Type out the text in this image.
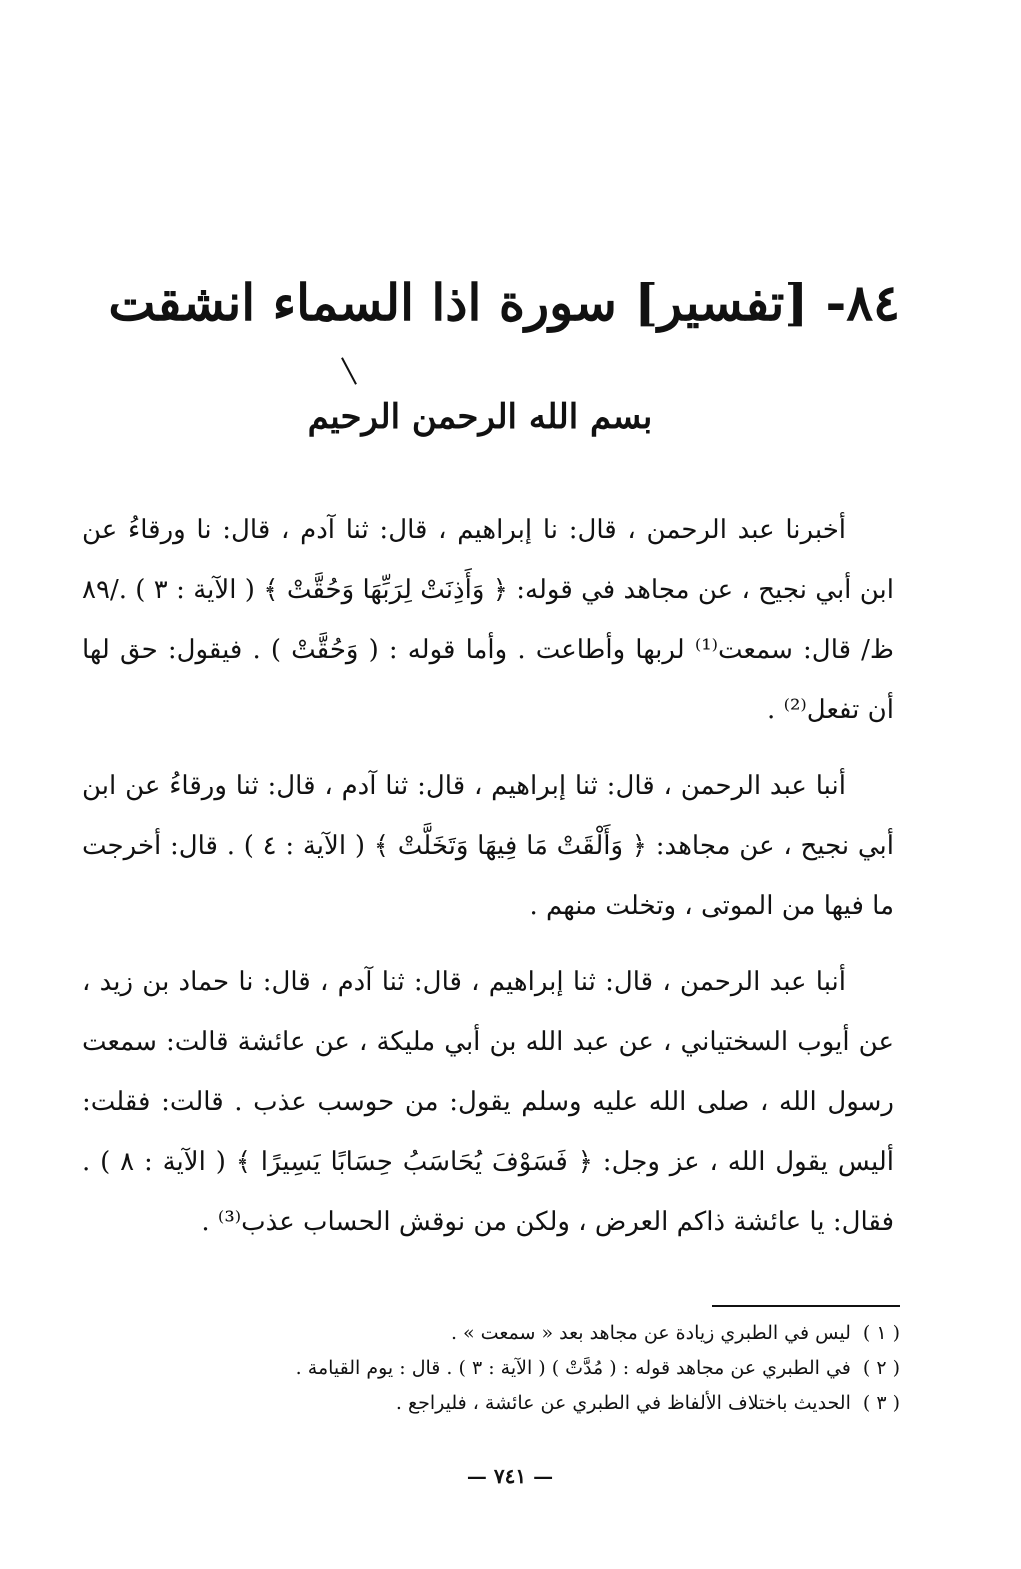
٨٤- [تفسير] سورة اذا السماء انشقت
بسم الله الرحمن الرحيم

أخبرنا عبد الرحمن ، قال: نا إبراهيم ، قال: ثنا آدم ، قال: نا ورقاءُ عن ابن أبي نجيح ، عن مجاهد في قوله: ﴿ وَأَذِنَتْ لِرَبِّهَا وَحُقَّتْ ﴾ ( الآية : ٣ ) ./٨٩ ظ/ قال: سمعت⁽¹⁾ لربها وأطاعت . وأما قوله : ( وَحُقَّتْ ) . فيقول: حق لها أن تفعل⁽²⁾ .

أنبا عبد الرحمن ، قال: ثنا إبراهيم ، قال: ثنا آدم ، قال: ثنا ورقاءُ عن ابن أبي نجيح ، عن مجاهد: ﴿ وَأَلْقَتْ مَا فِيهَا وَتَخَلَّتْ ﴾ ( الآية : ٤ ) . قال: أخرجت ما فيها من الموتى ، وتخلت منهم .

أنبا عبد الرحمن ، قال: ثنا إبراهيم ، قال: ثنا آدم ، قال: نا حماد بن زيد ، عن أيوب السختياني ، عن عبد الله بن أبي مليكة ، عن عائشة قالت: سمعت رسول الله ، صلى الله عليه وسلم يقول: من حوسب عذب . قالت: فقلت: أليس يقول الله ، عز وجل: ﴿ فَسَوْفَ يُحَاسَبُ حِسَابًا يَسِيرًا ﴾ ( الآية : ٨ ) . فقال: يا عائشة ذاكم العرض ، ولكن من نوقش الحساب عذب⁽³⁾ .

( ١ )ليس في الطبري زيادة عن مجاهد بعد « سمعت » .

( ٢ )في الطبري عن مجاهد قوله : ( مُدَّتْ ) ( الآية : ٣ ) . قال : يوم القيامة .

( ٣ )الحديث باختلاف الألفاظ في الطبري عن عائشة ، فليراجع .

— ٧٤١ —
